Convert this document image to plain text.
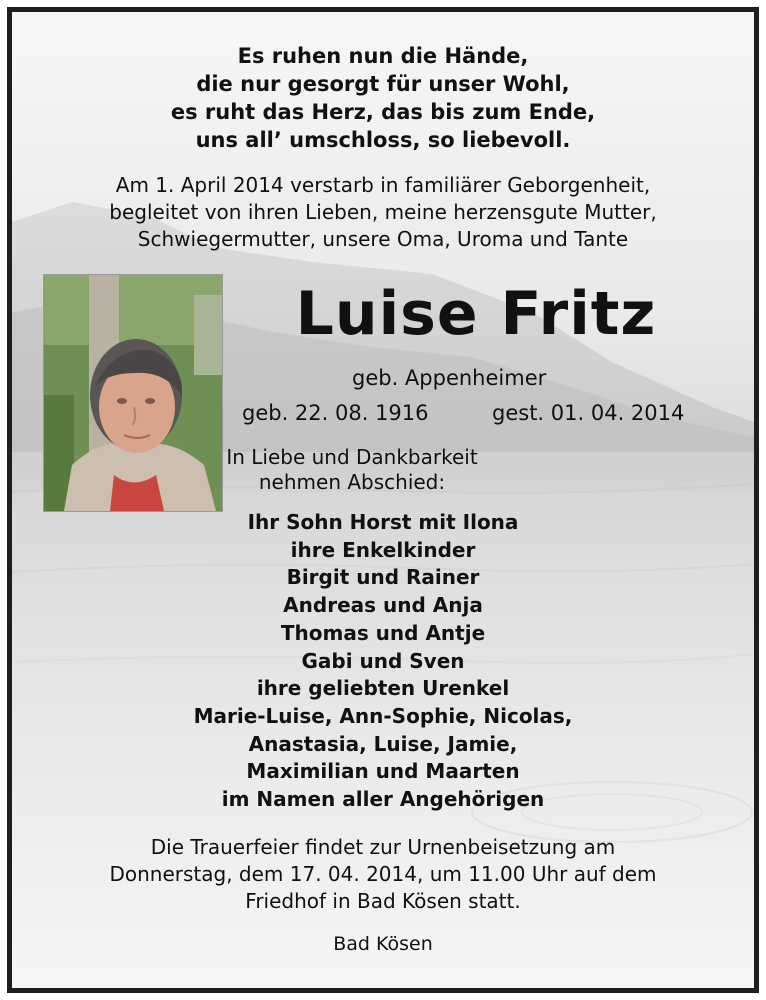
Es ruhen nun die Hände,
die nur gesorgt für unser Wohl,
es ruht das Herz, das bis zum Ende,
uns all’ umschloss, so liebevoll.
Am 1. April 2014 verstarb in familiärer Geborgenheit,
begleitet von ihren Lieben, meine herzensgute Mutter,
Schwiegermutter, unsere Oma, Uroma und Tante
Luise Fritz
geb. Appenheimer
geb. 22. 08. 1916	gest. 01. 04. 2014
In Liebe und Dankbarkeit
nehmen Abschied:
Ihr Sohn Horst mit Ilona
ihre Enkelkinder
Birgit und Rainer
Andreas und Anja
Thomas und Antje
Gabi und Sven
ihre geliebten Urenkel
Marie-Luise, Ann-Sophie, Nicolas,
Anastasia, Luise, Jamie,
Maximilian und Maarten
im Namen aller Angehörigen
Die Trauerfeier findet zur Urnenbeisetzung am
Donnerstag, dem 17. 04. 2014, um 11.00 Uhr auf dem
Friedhof in Bad Kösen statt.
Bad Kösen
